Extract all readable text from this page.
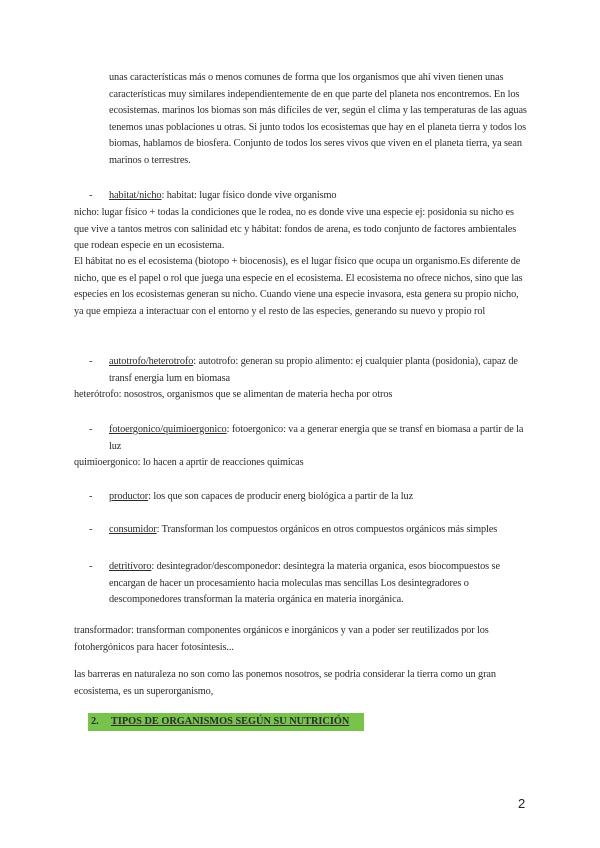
unas características más o menos comunes de forma que los organismos que ahí viven tienen unas características muy similares independientemente de en que parte del planeta nos encontremos. En los ecosistemas. marinos los biomas son más difíciles de ver, según el clima y las temperaturas de las aguas tenemos unas poblaciones u otras. Si junto todos los ecosistemas que hay en el planeta tierra y todos los biomas, hablamos de biosfera. Conjunto de todos los seres vivos que viven en el planeta tierra, ya sean marinos o terrestres.

- habitat/nicho: habitat: lugar físico donde vive organismo

nicho: lugar físico + todas la condiciones que le rodea, no es donde vive una especie ej: posidonia su nicho es que vive a tantos metros con salinidad etc y hábitat: fondos de arena, es todo conjunto de factores ambientales que rodean especie en un ecosistema.

El hábitat no es el ecosistema (biotopo + biocenosis), es el lugar físico que ocupa un organismo.Es diferente de nicho, que es el papel o rol que juega una especie en el ecosistema. El ecosistema no ofrece nichos, sino que las especies en los ecosistemas generan su nicho. Cuando viene una especie invasora, esta genera su propio nicho, ya que empieza a interactuar con el entorno y el resto de las especies, generando su nuevo y propio rol

- autotrofo/heterotrofo: autotrofo: generan su propio alimento: ej cualquier planta (posidonia), capaz de transf energia lum en biomasa

heterótrofo: nosostros, organismos que se alimentan de materia hecha por otros

- fotoergonico/quimioergonico: fotoergonico: va a generar energia que se transf en biomasa a partir de la luz

quimioergonico: lo hacen a aprtir de reacciones quimicas

- productor: los que son capaces de producir energ biológica a partir de la luz

- consumidor: Transforman los compuestos orgánicos en otros compuestos orgánicos más simples

- detritívoro: desintegrador/descomponedor: desintegra la materia organica, esos biocompuestos se encargan de hacer un procesamiento hacia moleculas mas sencillas Los desintegradores o descomponedores transforman la materia orgánica en materia inorgánica.

transformador: transforman componentes orgánicos e inorgánicos y van a poder ser reutilizados por los fotohergónicos para hacer fotosíntesis...

las barreras en naturaleza no son como las ponemos nosotros, se podria considerar la tierra como un gran ecosistema, es un superorganismo,

2. TIPOS DE ORGANISMOS SEGÚN SU NUTRICIÓN
2
